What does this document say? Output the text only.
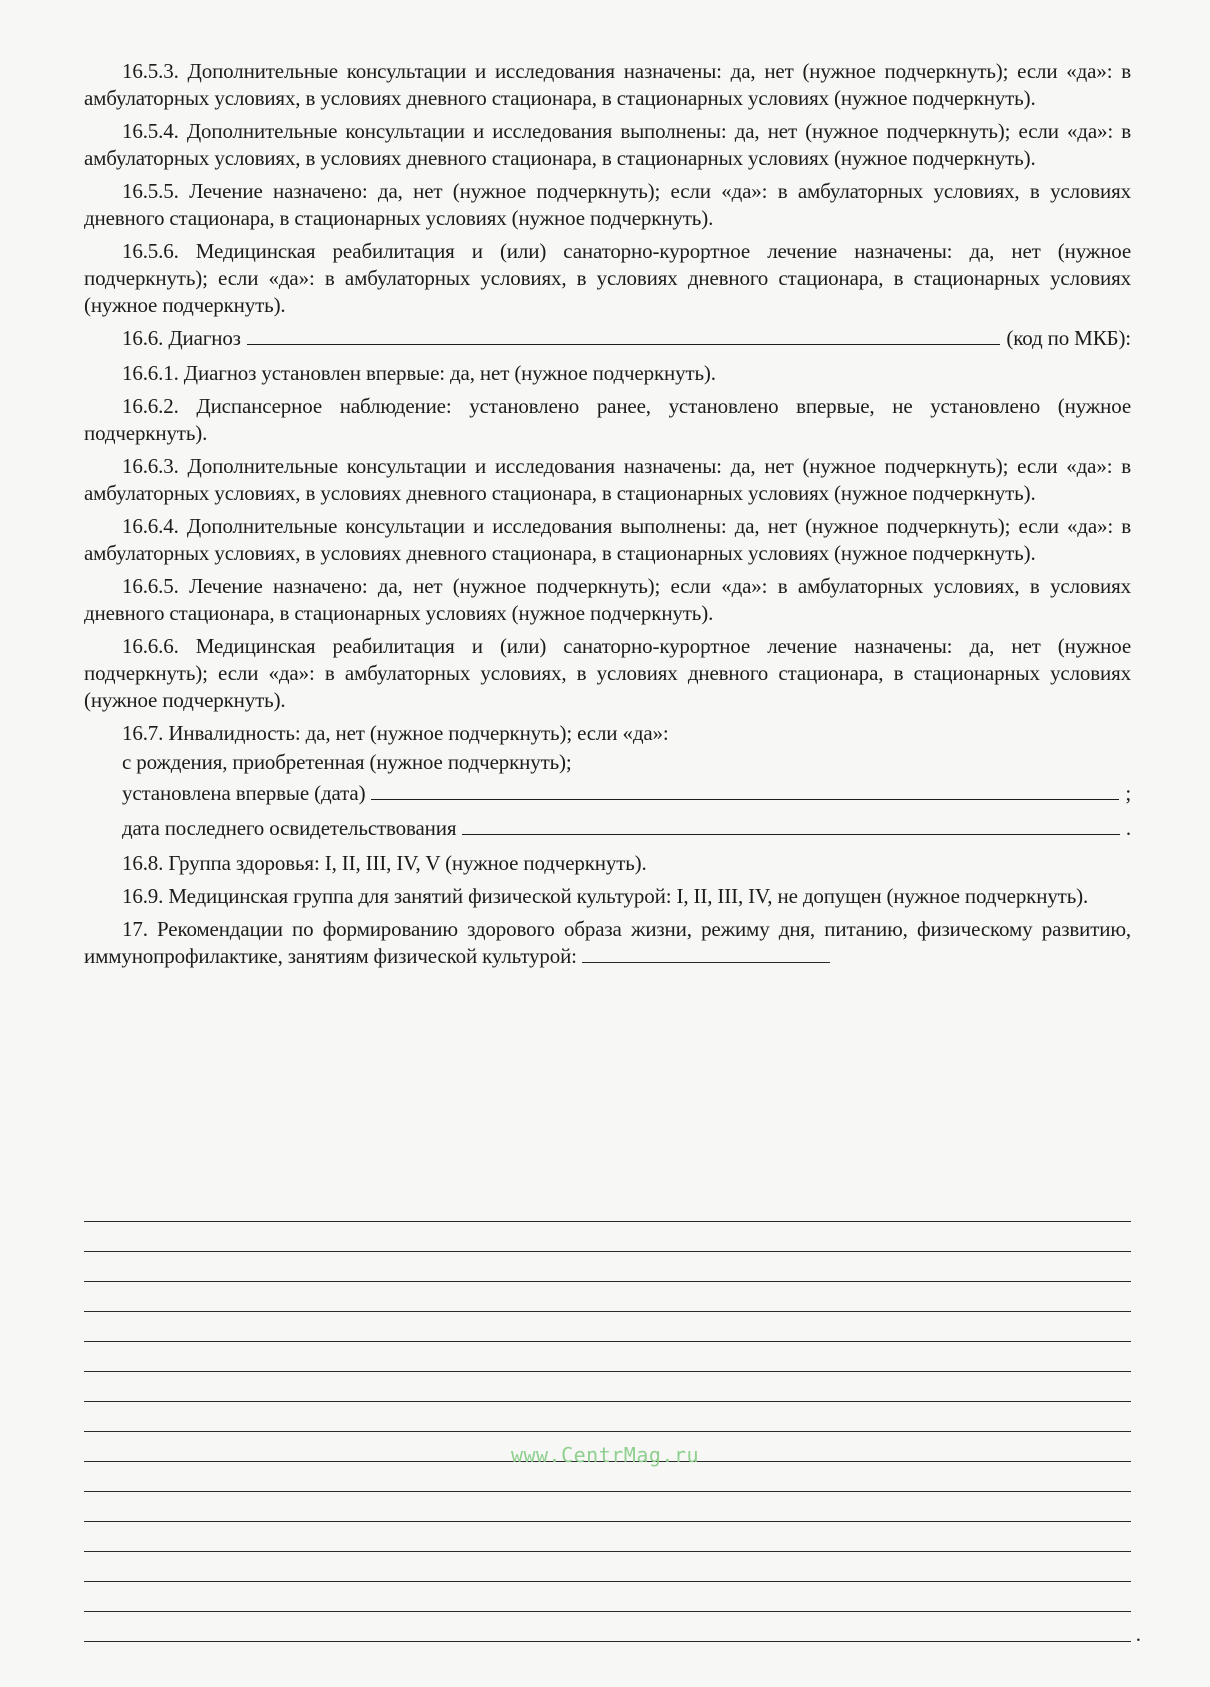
16.5.3. Дополнительные консультации и исследования назначены: да, нет (нужное подчеркнуть); если «да»: в амбулаторных условиях, в условиях дневного стационара, в стационарных условиях (нужное подчеркнуть).

16.5.4. Дополнительные консультации и исследования выполнены: да, нет (нужное подчеркнуть); если «да»: в амбулаторных условиях, в условиях дневного стационара, в стационарных условиях (нужное подчеркнуть).

16.5.5. Лечение назначено: да, нет (нужное подчеркнуть); если «да»: в амбулаторных условиях, в условиях дневного стационара, в стационарных условиях (нужное подчеркнуть).

16.5.6. Медицинская реабилитация и (или) санаторно-курортное лечение назначены: да, нет (нужное подчеркнуть); если «да»: в амбулаторных условиях, в условиях дневного стационара, в стационарных условиях (нужное подчеркнуть).

16.6. Диагноз	(код по МКБ):

16.6.1. Диагноз установлен впервые: да, нет (нужное подчеркнуть).

16.6.2. Диспансерное наблюдение: установлено ранее, установлено впервые, не установлено (нужное подчеркнуть).

16.6.3. Дополнительные консультации и исследования назначены: да, нет (нужное подчеркнуть); если «да»: в амбулаторных условиях, в условиях дневного стационара, в стационарных условиях (нужное подчеркнуть).

16.6.4. Дополнительные консультации и исследования выполнены: да, нет (нужное подчеркнуть); если «да»: в амбулаторных условиях, в условиях дневного стационара, в стационарных условиях (нужное подчеркнуть).

16.6.5. Лечение назначено: да, нет (нужное подчеркнуть); если «да»: в амбулаторных условиях, в условиях дневного стационара, в стационарных условиях (нужное подчеркнуть).

16.6.6. Медицинская реабилитация и (или) санаторно-курортное лечение назначены: да, нет (нужное подчеркнуть); если «да»: в амбулаторных условиях, в условиях дневного стационара, в стационарных условиях (нужное подчеркнуть).

16.7. Инвалидность: да, нет (нужное подчеркнуть); если «да»:

с рождения, приобретенная (нужное подчеркнуть);
установлена впервые (дата)	;
дата последнего освидетельствования	.

16.8. Группа здоровья: I, II, III, IV, V (нужное подчеркнуть).

16.9. Медицинская группа для занятий физической культурой: I, II, III, IV, не допущен (нужное подчеркнуть).

17. Рекомендации по формированию здорового образа жизни, режиму дня, питанию, физическому развитию, иммунопрофилактике, занятиям физической культурой:

.
www.CentrMag.ru
